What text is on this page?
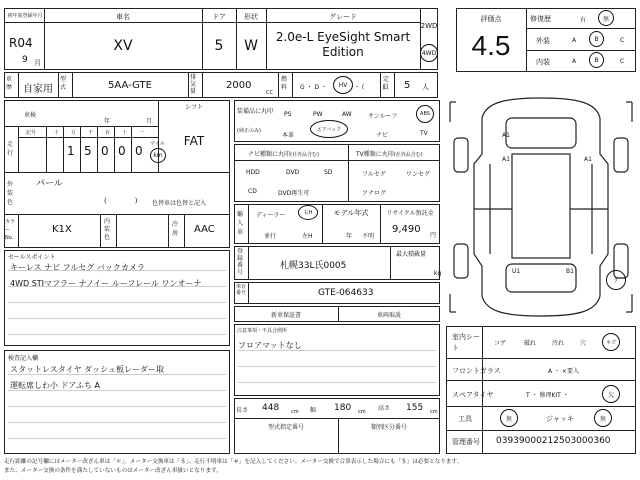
初年度登録年月	車名	ドア	形状	グレード
R04
9 月
XV	5	W
2.0e-L EyeSight Smart Edition
2WD
4WD
車歴	自家用
型式	5AA-GTE
排気量
2000
CC
燃料	G ・ D ・	HV	・ (　　　)
定員	5 人
評価点
4.5
修復歴	有	無
外装	A	B	C
内装	A	B	C
車検
年	月
走行
記号	十 万 千 百 十 一
1 5 0 0 0 マイル
km
シフト
FAT
外装色
パール
(　　　　) 色替車は色替と記入
カラーNo.
K1X
内装色
冷房 AAC
装備品に丸印
(純正のみ)
PS	PW	AW	サンルーフ	ABS
本革
エアバック
ナビ	TV
ナビ種類に丸印(社外品含む)
HDD	DVD	SD
CD	DVD再生可
TV種類に丸印(社外品含む)
フルセグ	ワンセグ
アナログ
輸入車
ディーラー	右H
並行	左H
モデル年式
年 不明
リサイクル預託金
9,490
円
登録番号
札幌33L氏0005
最大積載量
kg
車台番号	GTE-064633
新車保証書	車両取説
セールスポイント
キーレス ナビ フルセグ バックカメラ
4WD STIマフラー ナノイー ルーフレール ワンオーナ
検査記入欄
スタットレスタイヤ ダッシュ板レーダー取
運転席しわ小 ドアふち A
注意事項・不具合箇所
フロアマットなし
長さ 448 cm 幅 180 cm 高さ 155 cm
型式指定番号	類別区分番号
A1
A1	A1
U1	B1
ｸ
室内シート
コゲ	破れ	汚れ	穴	キズ
フロントガラス	A ・ ×要入
スペアタイヤ	T ・ 修理KIT ・	欠
工具	無	ジャッキ	無
管理番号 03939000212503000360
走行距離の記号欄にはメーター改ざん車は「＊」、メーター交換車は「＄」、走行不明車は「＃」を記入してください。メーター交換で合算表示した場合にも「＄」は必要となります。
また、メーター交換の条件を満たしていないものはメーター改ざん車扱いとなります。
